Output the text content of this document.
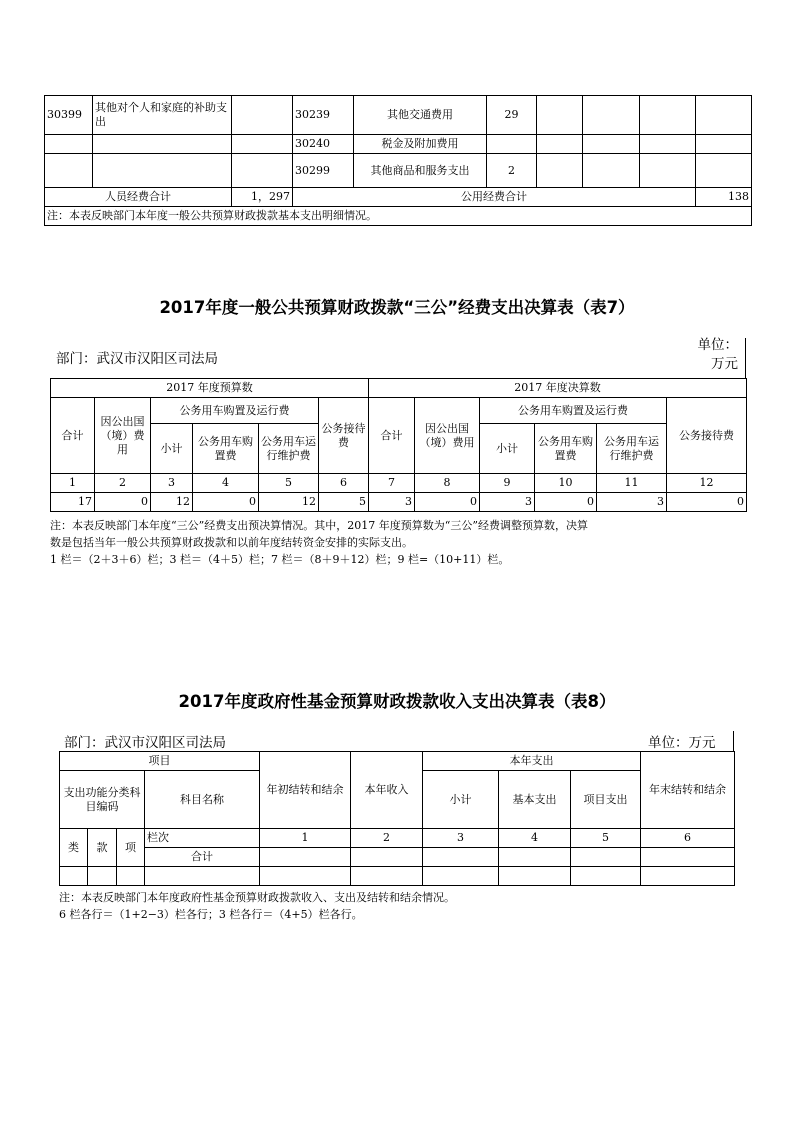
30399	其他对个人和家庭的补助支出		30239	其他交通费用	29				
			30240	税金及附加费用					
			30299	其他商品和服务支出	2				
人员经费合计		1，297	公用经费合计						138
注：本表反映部门本年度一般公共预算财政拨款基本支出明细情况。									
2017年度一般公共预算财政拨款“三公”经费支出决算表（表7）
部门：武汉市汉阳区司法局
单位：
万元
2017 年度预算数						2017 年度决算数					
合计	因公出国（境）费用	公务用车购置及运行费			公务接待费	合计	因公出国（境）费用	公务用车购置及运行费			公务接待费
		小计	公务用车购置费	公务用车运行维护费				小计	公务用车购置费	公务用车运行维护费	
1	2	3	4	5	6	7	8	9	10	11	12
17	0	12	0	12	5	3	0	3	0	3	0
注：本表反映部门本年度“三公”经费支出预决算情况。其中，2017 年度预算数为“三公”经费调整预算数，决算
数是包括当年一般公共预算财政拨款和以前年度结转资金安排的实际支出。
1 栏＝（2＋3＋6）栏；3 栏＝（4＋5）栏；7 栏＝（8＋9＋12）栏；9 栏=（10+11）栏。
2017年度政府性基金预算财政拨款收入支出决算表（表8）
部门：武汉市汉阳区司法局	单位：万元
项目				年初结转和结余	本年收入	本年支出			年末结转和结余
支出功能分类科目编码			科目名称			小计	基本支出	项目支出	

类	款	项	栏次	1	2	3	4	5	6
			合计						

注：本表反映部门本年度政府性基金预算财政拨款收入、支出及结转和结余情况。
6 栏各行＝（1+2−3）栏各行；3 栏各行＝（4+5）栏各行。
